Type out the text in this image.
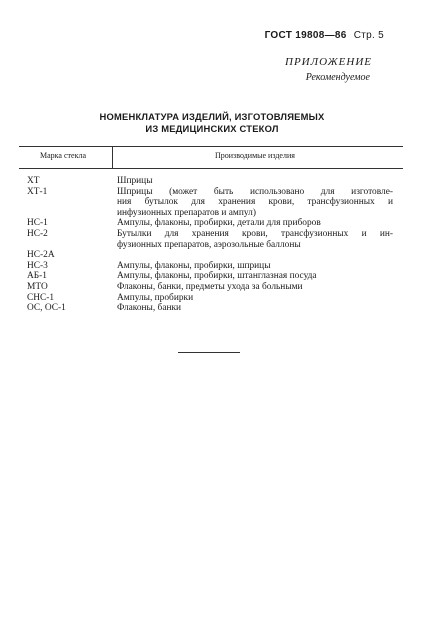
ГОСТ 19808—86 Стр. 5
ПРИЛОЖЕНИЕ
Рекомендуемое
НОМЕНКЛАТУРА ИЗДЕЛИЙ, ИЗГОТОВЛЯЕМЫХ
ИЗ МЕДИЦИНСКИХ СТЕКОЛ
Марка стекла	Производимые изделия
ХТ	Шприцы
ХТ-1	Шприцы (может быть использовано для изготовле-
ния бутылок для хранения крови, трансфузионных и
инфузионных препаратов и ампул)
НС-1	Ампулы, флаконы, пробирки, детали для приборов
НС-2	Бутылки для хранения крови, трансфузионных и ин-
фузионных препаратов, аэрозольные баллоны
НС-2А
НС-3	Ампулы, флаконы, пробирки, шприцы
АБ-1	Ампулы, флаконы, пробирки, штанглазная посуда
МТО	Флаконы, банки, предметы ухода за больными
СНС-1	Ампулы, пробирки
ОС, ОС-1	Флаконы, банки
